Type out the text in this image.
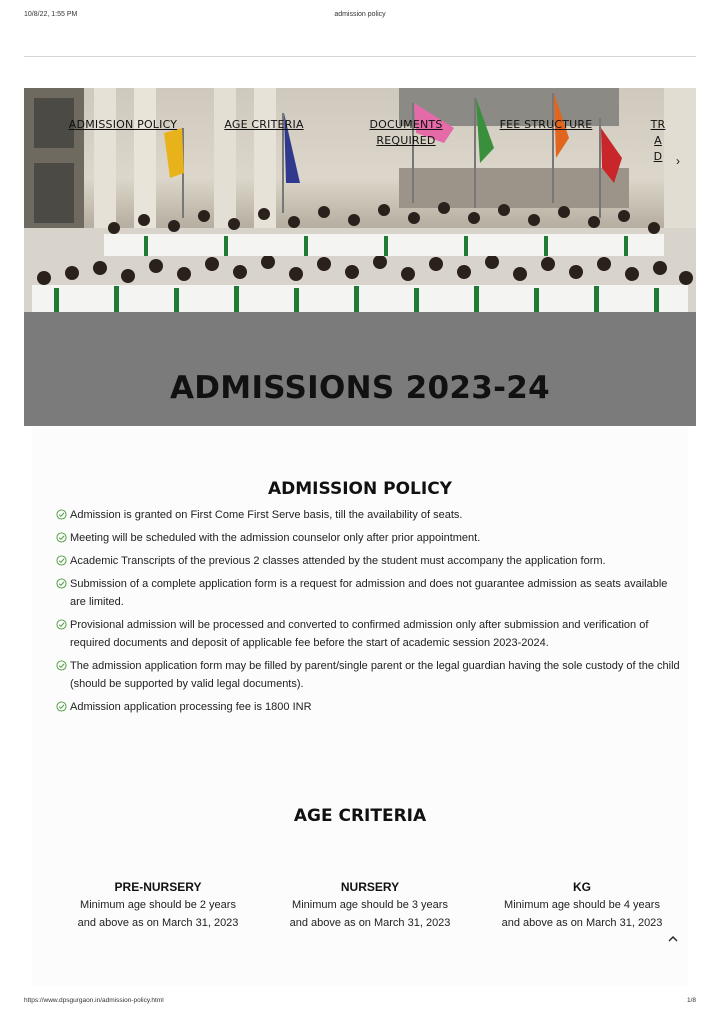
10/8/22, 1:55 PM	admission policy
ADMISSIONS 2023-24
ADMISSION POLICY	AGE CRITERIA	DOCUMENTS REQUIRED
FEE STRUCTURE	TRA D	›
ADMISSION POLICY
Admission is granted on First Come First Serve basis, till the availability of seats.
Meeting will be scheduled with the admission counselor only after prior appointment.
Academic Transcripts of the previous 2 classes attended by the student must accompany the application form.
Submission of a complete application form is a request for admission and does not guarantee admission as seats available are limited.
Provisional admission will be processed and converted to confirmed admission only after submission and verification of required documents and deposit of applicable fee before the start of academic session 2023-2024.
The admission application form may be filled by parent/single parent or the legal guardian having the sole custody of the child (should be supported by valid legal documents).
Admission application processing fee is 1800 INR
AGE CRITERIA
PRE-NURSERY
Minimum age should be 2 years
and above as on March 31, 2023
NURSERY
Minimum age should be 3 years
and above as on March 31, 2023
KG
Minimum age should be 4 years
and above as on March 31, 2023
https://www.dpsgurgaon.in/admission-policy.html	1/8
